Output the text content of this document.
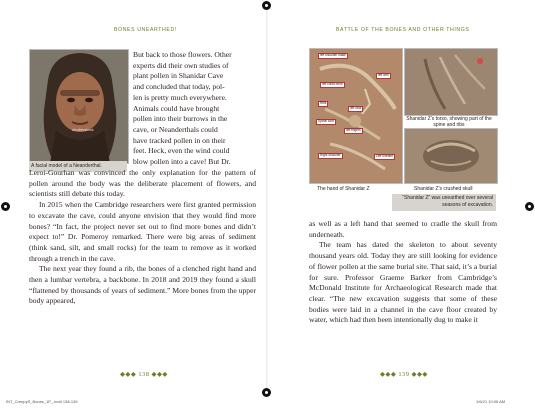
BONES UNEARTHED!
shutterstock
A facial model of a Neanderthal.
But back to those flowers. Other
experts did their own studies of
plant pollen in Shanidar Cave
and concluded that today, pol-
len is pretty much everywhere.
Animals could have brought
pollen into their burrows in the
cave, or Neanderthals could
have tracked pollen in on their
feet. Heck, even the wind could
blow pollen into a cave! But Dr.

Leroi-Gourhan was convinced the only explanation for the pattern of pollen around the body was the deliberate placement of flowers, and scientists still debate this today.

In 2015 when the Cambridge researchers were first granted permission to excavate the cave, could anyone envision that they would find more bones? “In fact, the project never set out to find more bones and didn’t expect to!” Dr. Pomeroy remarked. There were big areas of sediment (think sand, silt, and small rocks) for the team to remove as it worked through a trench in the cave.

The next year they found a rib, the bones of a clenched right hand and then a lumbar vertebra, a backbone. In 2018 and 2019 they found a skull “flattened by thousands of years of sediment.” More bones from the upper body appeared,

◆◆◆ 138 ◆◆◆
BATTLE OF THE BONES AND OTHER THINGS
left shoulder blade
left collar bone
left arm
Ribs
left ulna
Spinal cord
left fingers
Right shoulder	Left forearm
The hand of Shanidar Z
Shanidar Z’s torso, showing part of the spine and ribs
Shanidar Z’s crushed skull
“Shanidar Z” was unearthed over several seasons of excavation.

as well as a left hand that seemed to cradle the skull from underneath.

The team has dated the skeleton to about seventy thousand years old. Today they are still looking for evidence of flower pollen at the same burial site. That said, it’s a burial for sure. Professor Graeme Barker from Cambridge’s McDonald Institute for Archaeological Research made that clear. “The new excavation suggests that some of these bodies were laid in a channel in the cave floor created by water, which had then been intentionally dug to make it

◆◆◆ 139 ◆◆◆
INT_CreepyS_Bones_1P_.indd 138-139	1/6/21 10:06 AM
